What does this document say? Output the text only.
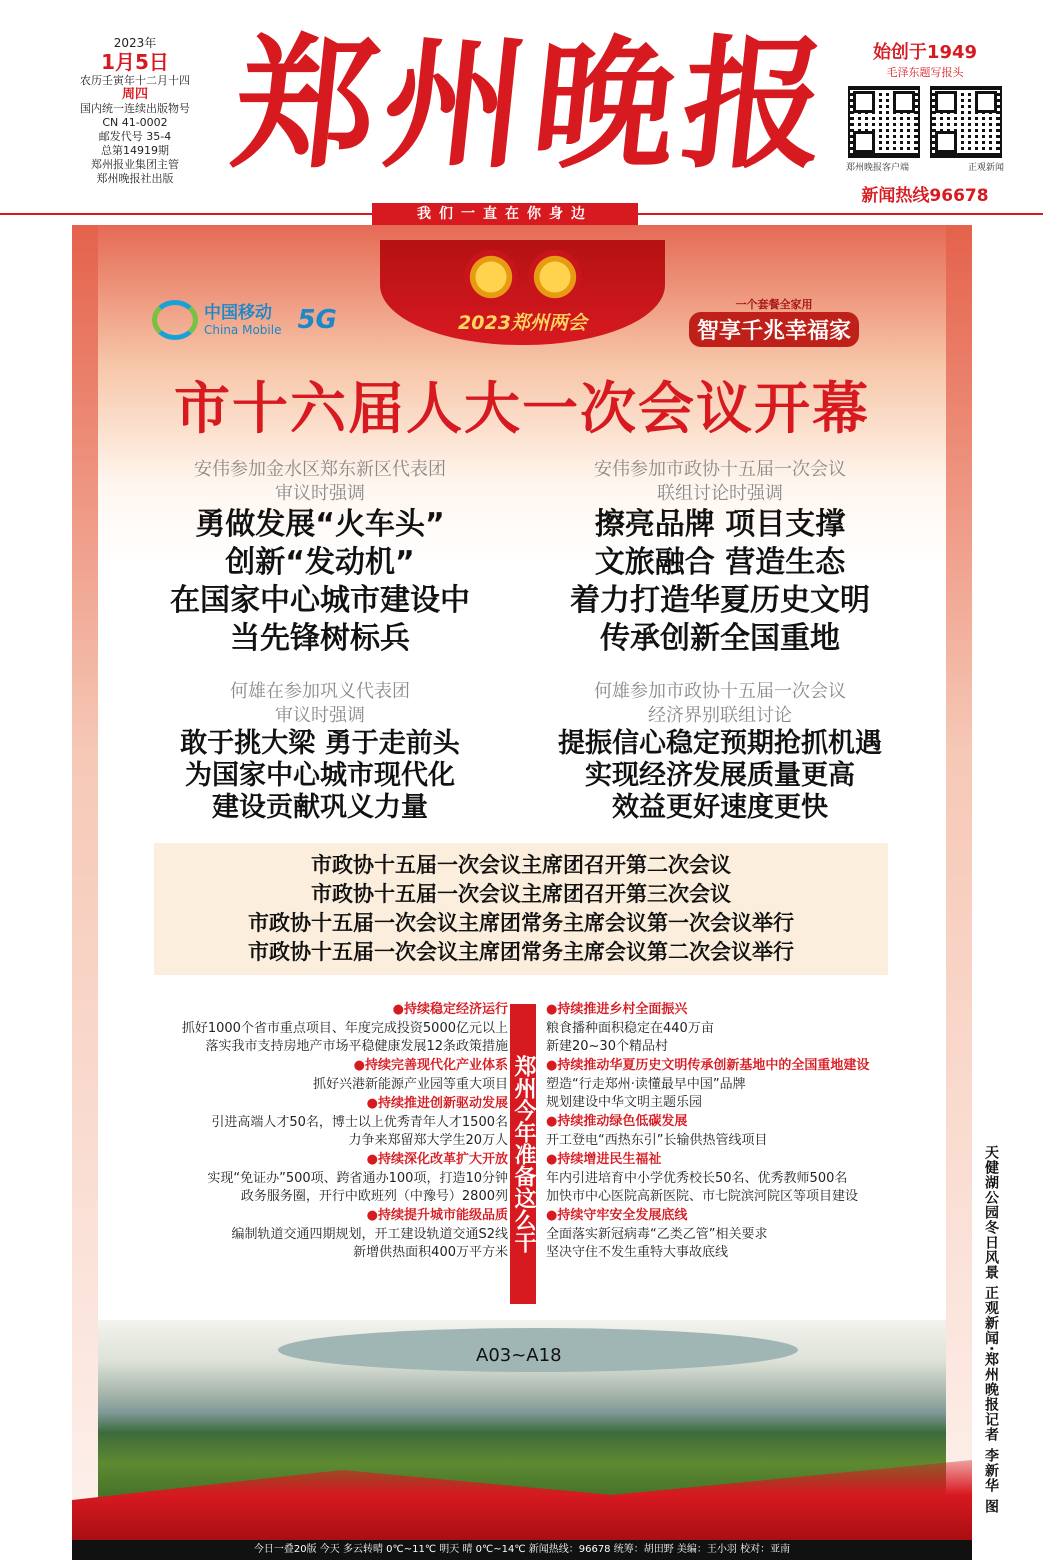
2023年
1月5日
农历壬寅年十二月十四
周四
国内统一连续出版物号
CN 41-0002
邮发代号 35-4
总第14919期
郑州报业集团主管
郑州晚报社出版 郑
州
晚
报
我们一直在你身边
始创于1949
毛泽东题写报头
郑州晚报客户端	正观新闻
新闻热线96678
2023郑州两会
中国移动
China Mobile 5G
一个套餐全家用
智享千兆幸福家
市十六届人大一次会议开幕
安伟参加金水区郑东新区代表团
审议时强调
勇做发展“火车头”
创新“发动机”
在国家中心城市建设中
当先锋树标兵
安伟参加市政协十五届一次会议
联组讨论时强调
擦亮品牌 项目支撑
文旅融合 营造生态
着力打造华夏历史文明
传承创新全国重地
何雄在参加巩义代表团
审议时强调
敢于挑大梁 勇于走前头
为国家中心城市现代化
建设贡献巩义力量
何雄参加市政协十五届一次会议
经济界别联组讨论
提振信心稳定预期抢抓机遇
实现经济发展质量更高
效益更好速度更快
市政协十五届一次会议主席团召开第二次会议
市政协十五届一次会议主席团召开第三次会议
市政协十五届一次会议主席团常务主席会议第一次会议举行
市政协十五届一次会议主席团常务主席会议第二次会议举行
郑州今年准备这么干
●持续稳定经济运行
抓好1000个省市重点项目、年度完成投资5000亿元以上
落实我市支持房地产市场平稳健康发展12条政策措施
●持续完善现代化产业体系
抓好兴港新能源产业园等重大项目
●持续推进创新驱动发展
引进高端人才50名，博士以上优秀青年人才1500名
力争来郑留郑大学生20万人
●持续深化改革扩大开放
实现“免证办”500项、跨省通办100项，打造10分钟
政务服务圈，开行中欧班列（中豫号）2800列
●持续提升城市能级品质
编制轨道交通四期规划，开工建设轨道交通S2线
新增供热面积400万平方米
●持续推进乡村全面振兴
粮食播种面积稳定在440万亩
新建20~30个精品村
●持续推动华夏历史文明传承创新基地中的全国重地建设
塑造“行走郑州·读懂最早中国”品牌
规划建设中华文明主题乐园
●持续推动绿色低碳发展
开工登电“西热东引”长输供热管线项目
●持续增进民生福祉
年内引进培育中小学优秀校长50名、优秀教师500名
加快市中心医院高新医院、市七院滨河院区等项目建设
●持续守牢安全发展底线
全面落实新冠病毒“乙类乙管”相关要求
坚决守住不发生重特大事故底线
A03~A18	天健湖公园冬日风景 正观新闻·郑州晚报记者 李新华 图
今日一叠20版 今天 多云转晴 0℃~11℃ 明天 晴 0℃~14℃ 新闻热线：96678 统筹：胡田野 美编：王小羽 校对：亚南
